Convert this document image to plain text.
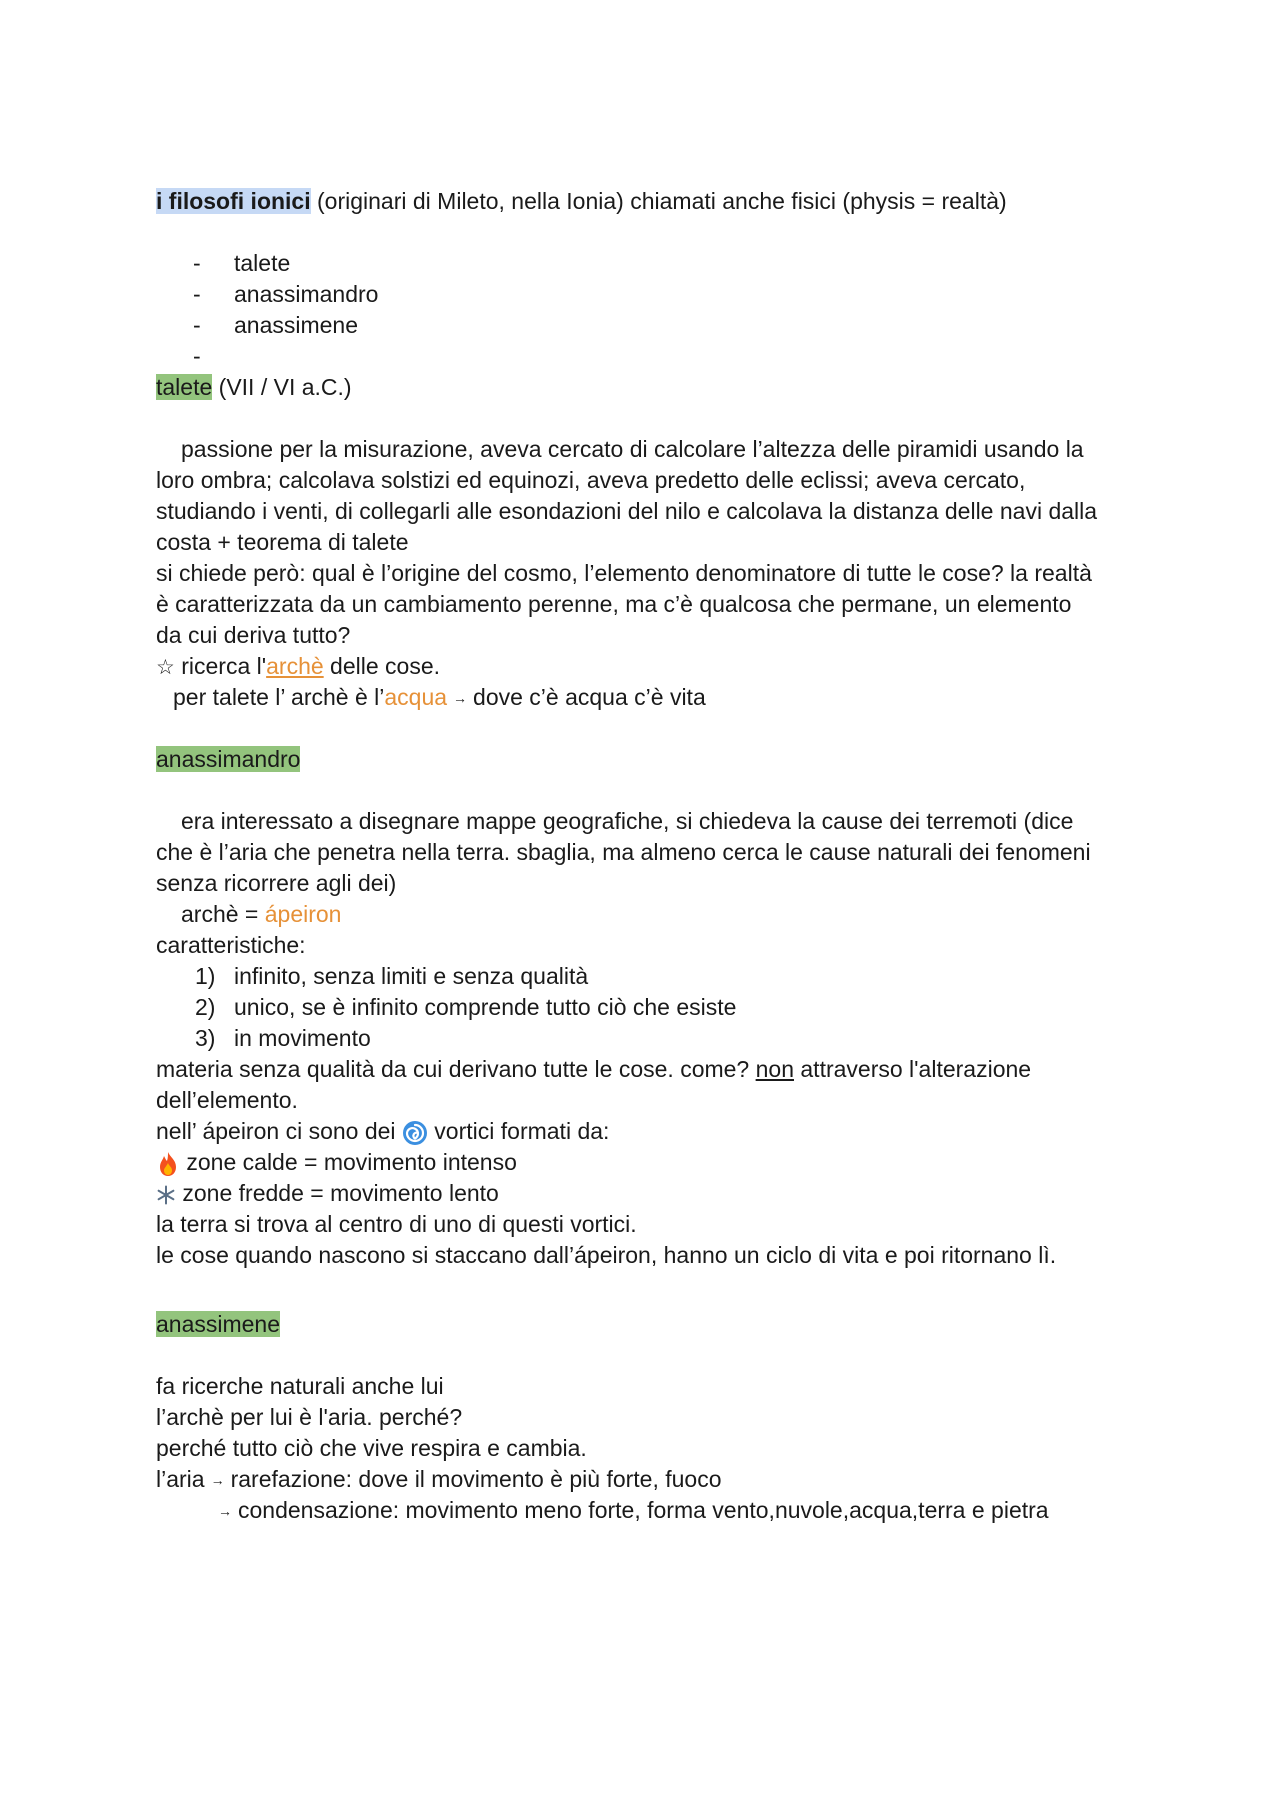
i filosofi ionici (originari di Mileto, nella Ionia) chiamati anche fisici (physis = realtà)
- talete
- anassimandro
- anassimene
-
talete (VII / VI a.C.)
passione per la misurazione, aveva cercato di calcolare l’altezza delle piramidi usando la
loro ombra; calcolava solstizi ed equinozi, aveva predetto delle eclissi; aveva cercato,
studiando i venti, di collegarli alle esondazioni del nilo e calcolava la distanza delle navi dalla
costa + teorema di talete
si chiede però: qual è l’origine del cosmo, l’elemento denominatore di tutte le cose? la realtà
è caratterizzata da un cambiamento perenne, ma c’è qualcosa che permane, un elemento
da cui deriva tutto?
☆ ricerca l'archè delle cose.
per talete l’ archè è l’acqua → dove c’è acqua c’è vita
anassimandro
era interessato a disegnare mappe geografiche, si chiedeva la cause dei terremoti (dice
che è l’aria che penetra nella terra. sbaglia, ma almeno cerca le cause naturali dei fenomeni
senza ricorrere agli dei)
archè = ápeiron
caratteristiche:
1) infinito, senza limiti e senza qualità
2) unico, se è infinito comprende tutto ciò che esiste
3) in movimento
materia senza qualità da cui derivano tutte le cose. come? non attraverso l'alterazione
dell’elemento.
nell’ ápeiron ci sono dei  vortici formati da:
zone calde = movimento intenso
zone fredde = movimento lento
la terra si trova al centro di uno di questi vortici.
le cose quando nascono si staccano dall’ápeiron, hanno un ciclo di vita e poi ritornano lì.
anassimene
fa ricerche naturali anche lui
l’archè per lui è l'aria. perché?
perché tutto ciò che vive respira e cambia.
l’aria → rarefazione: dove il movimento è più forte, fuoco
→ condensazione: movimento meno forte, forma vento,nuvole,acqua,terra e pietra
